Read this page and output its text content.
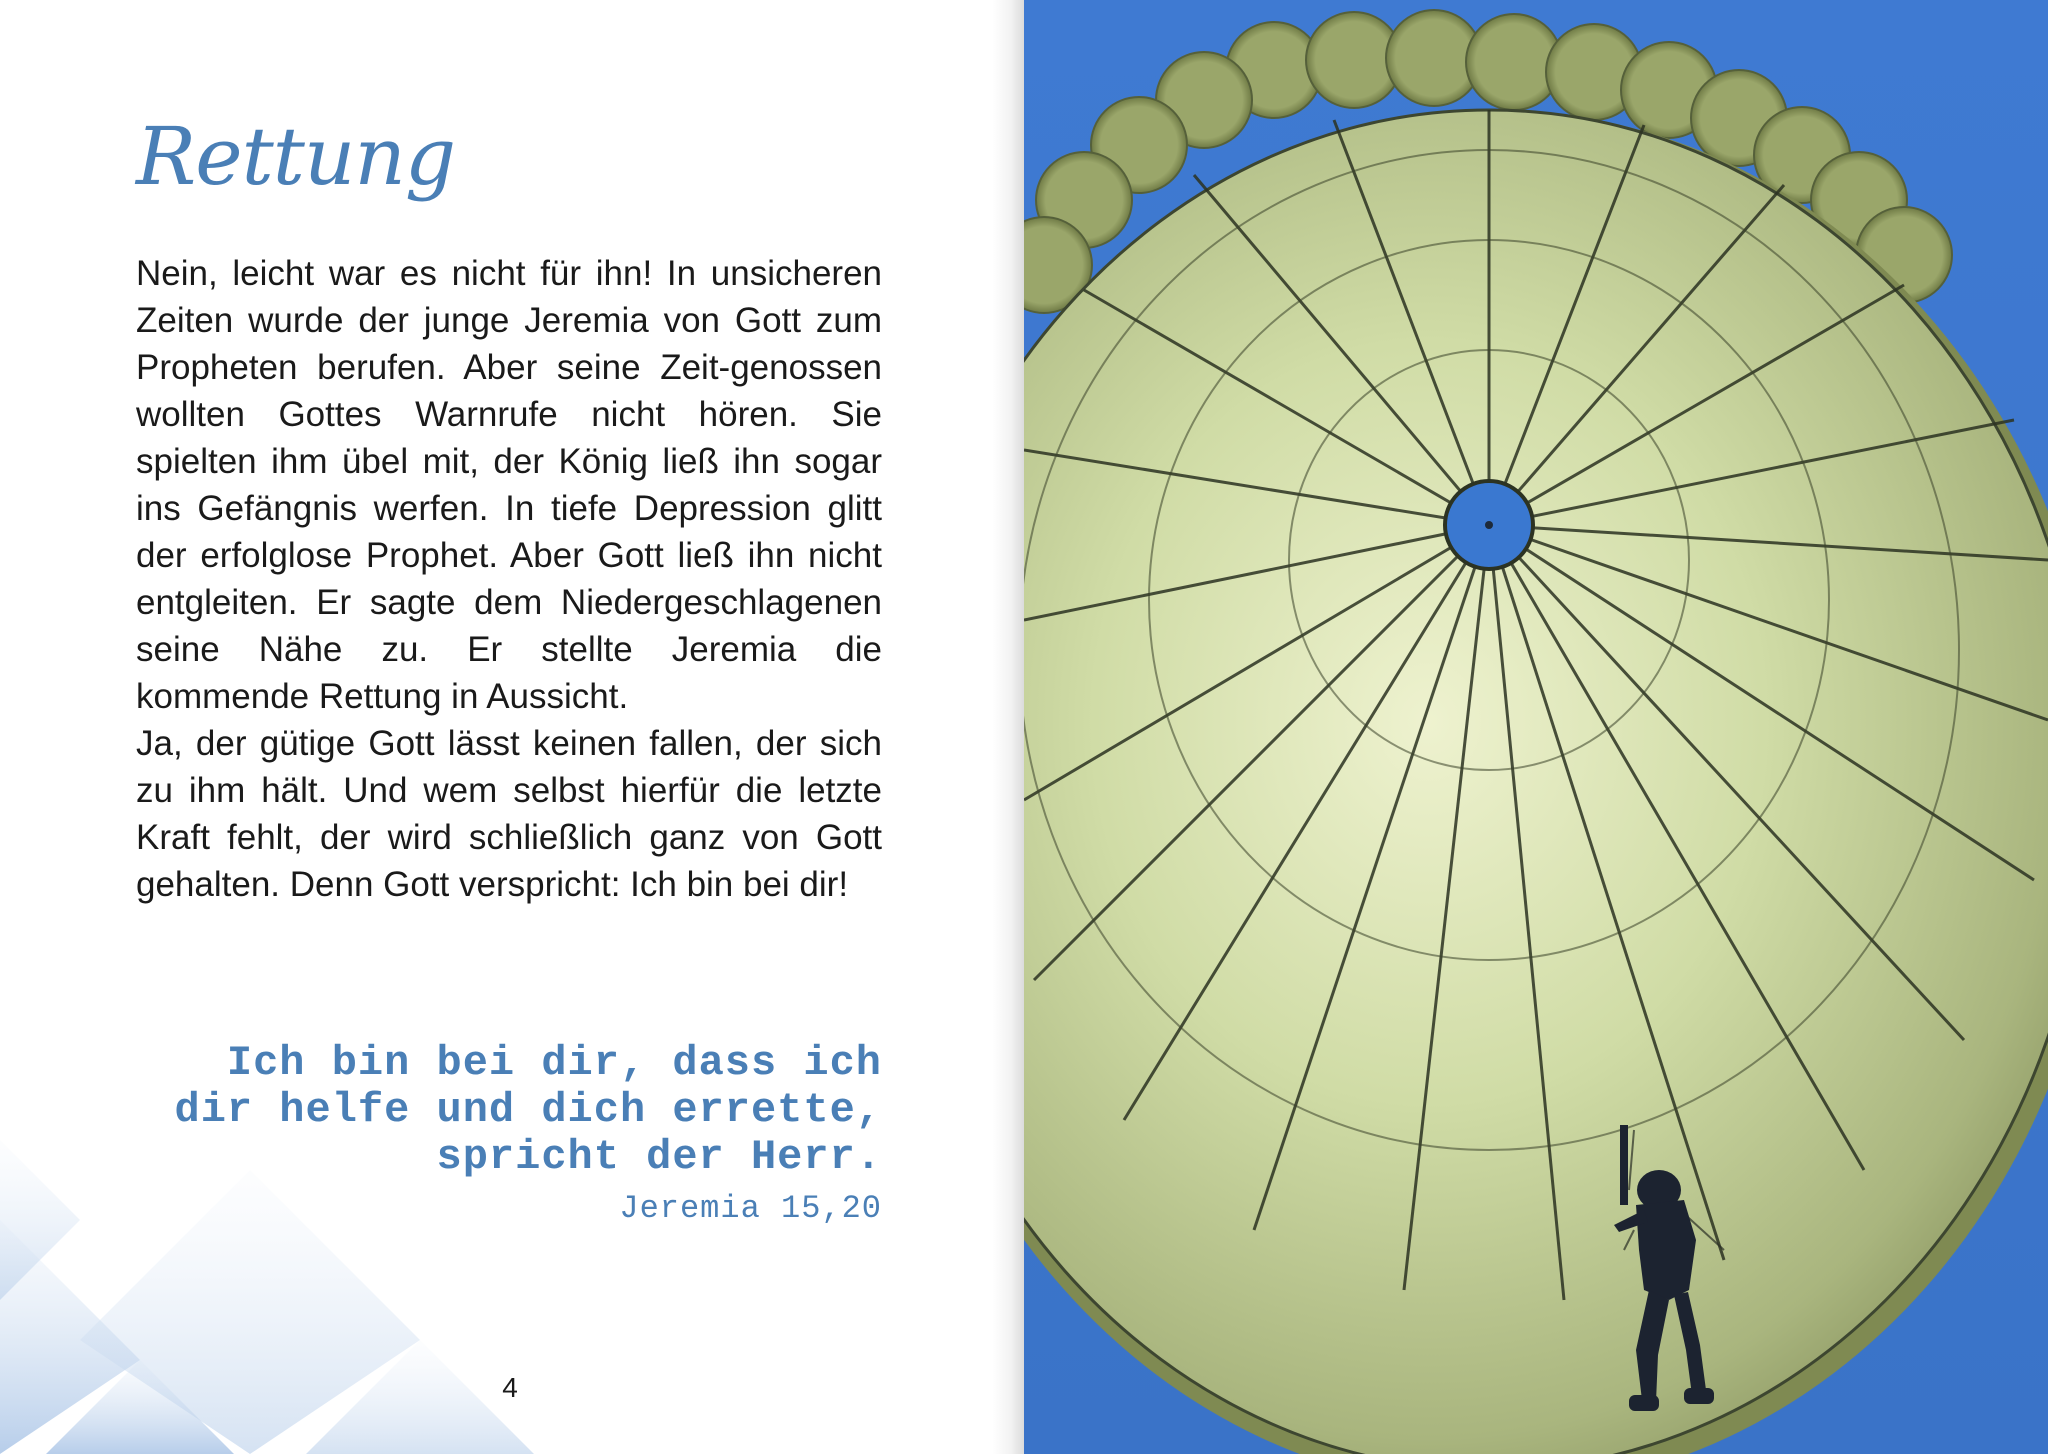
Rettung

Nein, leicht war es nicht für ihn! In unsicheren Zeiten wurde der junge Jeremia von Gott zum Propheten berufen. Aber seine Zeit-genossen wollten Gottes Warnrufe nicht hören. Sie spielten ihm übel mit, der König ließ ihn sogar ins Gefängnis werfen. In tiefe Depression glitt der erfolglose Prophet. Aber Gott ließ ihn nicht entgleiten. Er sagte dem Niedergeschlagenen seine Nähe zu. Er stellte Jeremia die kommende Rettung in Aussicht.

Ja, der gütige Gott lässt keinen fallen, der sich zu ihm hält. Und wem selbst hierfür die letzte Kraft fehlt, der wird schließlich ganz von Gott gehalten. Denn Gott verspricht: Ich bin bei dir!

Ich bin bei dir, dass ich
dir helfe und dich errette,
spricht der Herr.
Jeremia 15,20
4
